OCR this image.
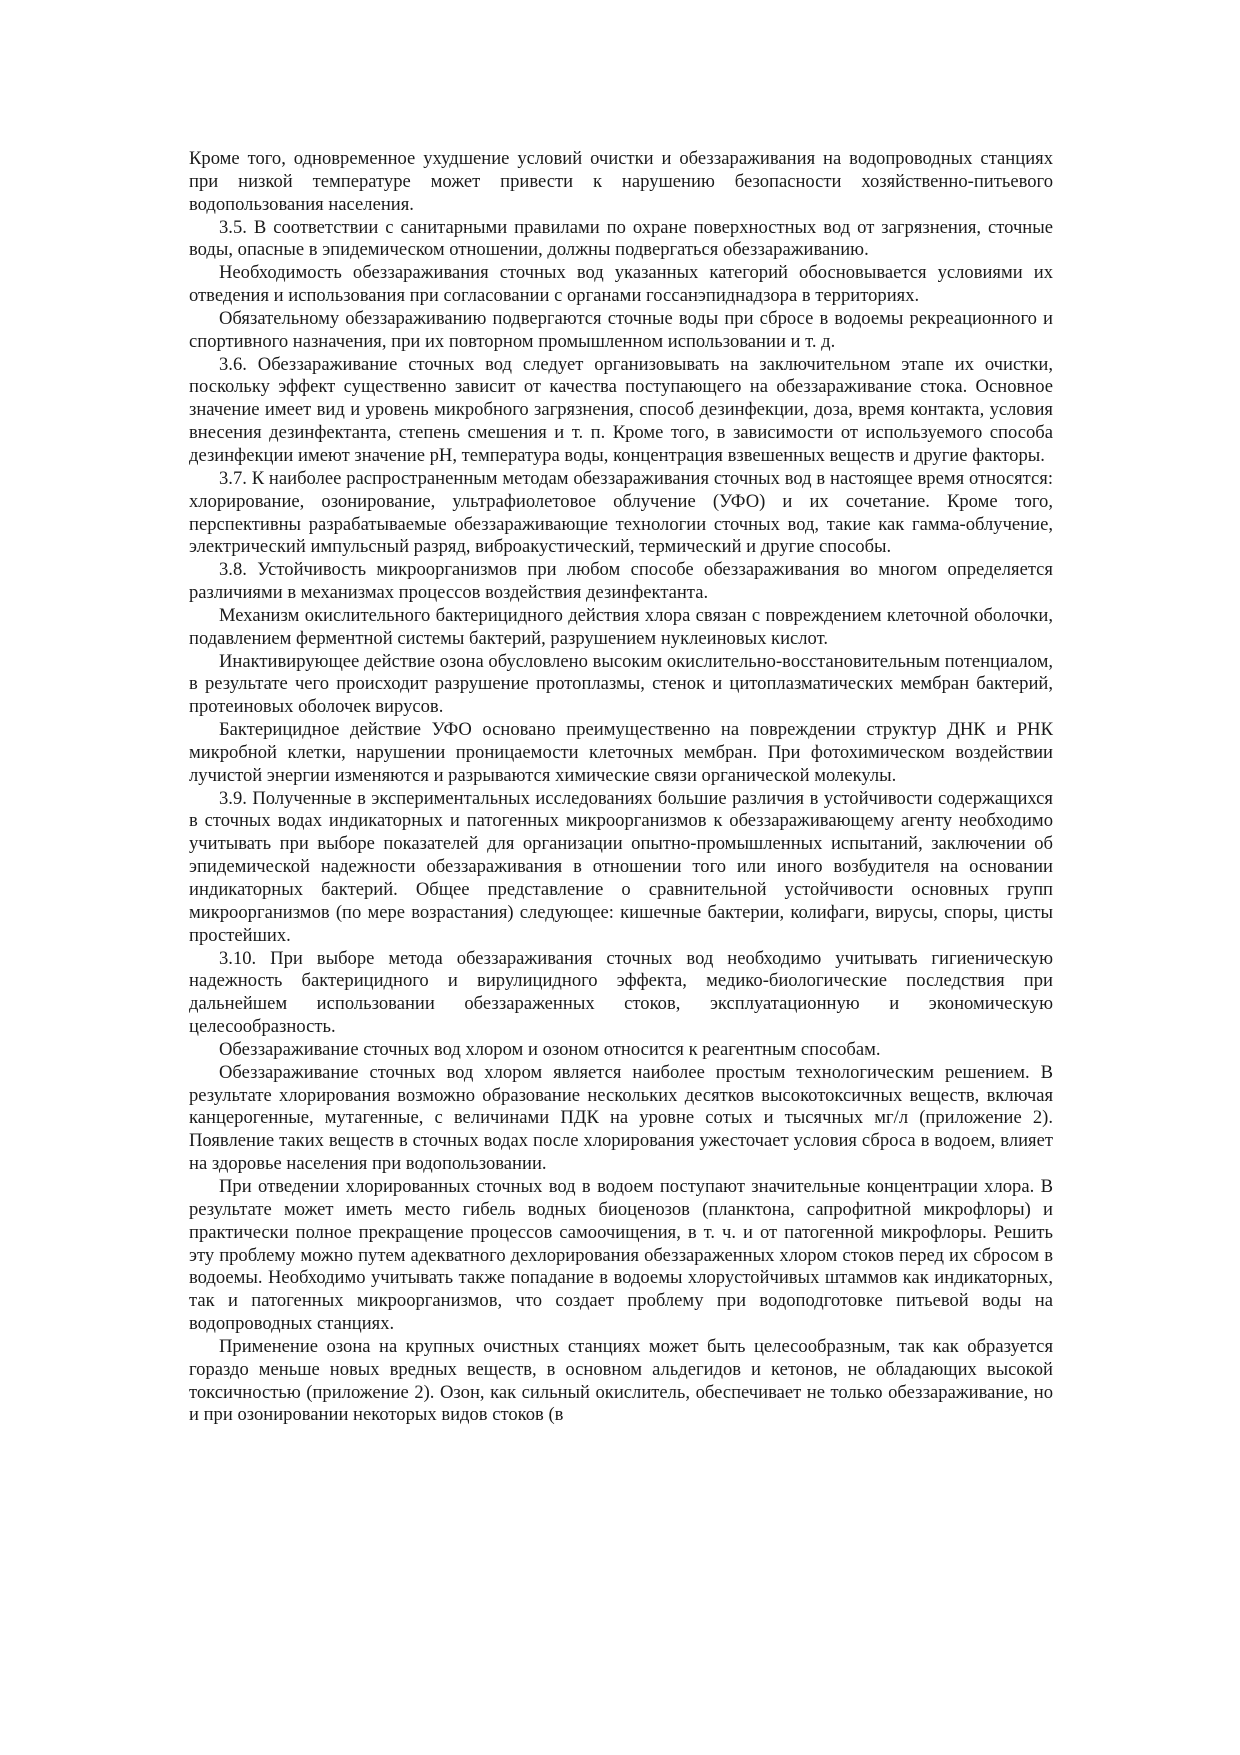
Кроме того, одновременное ухудшение условий очистки и обеззараживания на водопроводных станциях при низкой температуре может привести к нарушению безопасности хозяйственно-питьевого водопользования населения.

3.5. В соответствии с санитарными правилами по охране поверхностных вод от загрязнения, сточные воды, опасные в эпидемическом отношении, должны подвергаться обеззараживанию.

Необходимость обеззараживания сточных вод указанных категорий обосновывается условиями их отведения и использования при согласовании с органами госсанэпиднадзора в территориях.

Обязательному обеззараживанию подвергаются сточные воды при сбросе в водоемы рекреационного и спортивного назначения, при их повторном промышленном использовании и т. д.

3.6. Обеззараживание сточных вод следует организовывать на заключительном этапе их очистки, поскольку эффект существенно зависит от качества поступающего на обеззараживание стока. Основное значение имеет вид и уровень микробного загрязнения, способ дезинфекции, доза, время контакта, условия внесения дезинфектанта, степень смешения и т. п. Кроме того, в зависимости от используемого способа дезинфекции имеют значение pH, температура воды, концентрация взвешенных веществ и другие факторы.

3.7. К наиболее распространенным методам обеззараживания сточных вод в настоящее время относятся: хлорирование, озонирование, ультрафиолетовое облучение (УФО) и их сочетание. Кроме того, перспективны разрабатываемые обеззараживающие технологии сточных вод, такие как гамма-облучение, электрический импульсный разряд, виброакустический, термический и другие способы.

3.8. Устойчивость микроорганизмов при любом способе обеззараживания во многом определяется различиями в механизмах процессов воздействия дезинфектанта.

Механизм окислительного бактерицидного действия хлора связан с повреждением клеточной оболочки, подавлением ферментной системы бактерий, разрушением нуклеиновых кислот.

Инактивирующее действие озона обусловлено высоким окислительно-восстановительным потенциалом, в результате чего происходит разрушение протоплазмы, стенок и цитоплазматических мембран бактерий, протеиновых оболочек вирусов.

Бактерицидное действие УФО основано преимущественно на повреждении структур ДНК и РНК микробной клетки, нарушении проницаемости клеточных мембран. При фотохимическом воздействии лучистой энергии изменяются и разрываются химические связи органической молекулы.

3.9. Полученные в экспериментальных исследованиях большие различия в устойчивости содержащихся в сточных водах индикаторных и патогенных микроорганизмов к обеззараживающему агенту необходимо учитывать при выборе показателей для организации опытно-промышленных испытаний, заключении об эпидемической надежности обеззараживания в отношении того или иного возбудителя на основании индикаторных бактерий. Общее представление о сравнительной устойчивости основных групп микроорганизмов (по мере возрастания) следующее: кишечные бактерии, колифаги, вирусы, споры, цисты простейших.

3.10. При выборе метода обеззараживания сточных вод необходимо учитывать гигиеническую надежность бактерицидного и вирулицидного эффекта, медико-биологические последствия при дальнейшем использовании обеззараженных стоков, эксплуатационную и экономическую целесообразность.

Обеззараживание сточных вод хлором и озоном относится к реагентным способам.

Обеззараживание сточных вод хлором является наиболее простым технологическим решением. В результате хлорирования возможно образование нескольких десятков высокотоксичных веществ, включая канцерогенные, мутагенные, с величинами ПДК на уровне сотых и тысячных мг/л (приложение 2). Появление таких веществ в сточных водах после хлорирования ужесточает условия сброса в водоем, влияет на здоровье населения при водопользовании.

При отведении хлорированных сточных вод в водоем поступают значительные концентрации хлора. В результате может иметь место гибель водных биоценозов (планктона, сапрофитной микрофлоры) и практически полное прекращение процессов самоочищения, в т. ч. и от патогенной микрофлоры. Решить эту проблему можно путем адекватного дехлорирования обеззараженных хлором стоков перед их сбросом в водоемы. Необходимо учитывать также попадание в водоемы хлорустойчивых штаммов как индикаторных, так и патогенных микроорганизмов, что создает проблему при водоподготовке питьевой воды на водопроводных станциях.

Применение озона на крупных очистных станциях может быть целесообразным, так как образуется гораздо меньше новых вредных веществ, в основном альдегидов и кетонов, не обладающих высокой токсичностью (приложение 2). Озон, как сильный окислитель, обеспечивает не только обеззараживание, но и при озонировании некоторых видов стоков (в
